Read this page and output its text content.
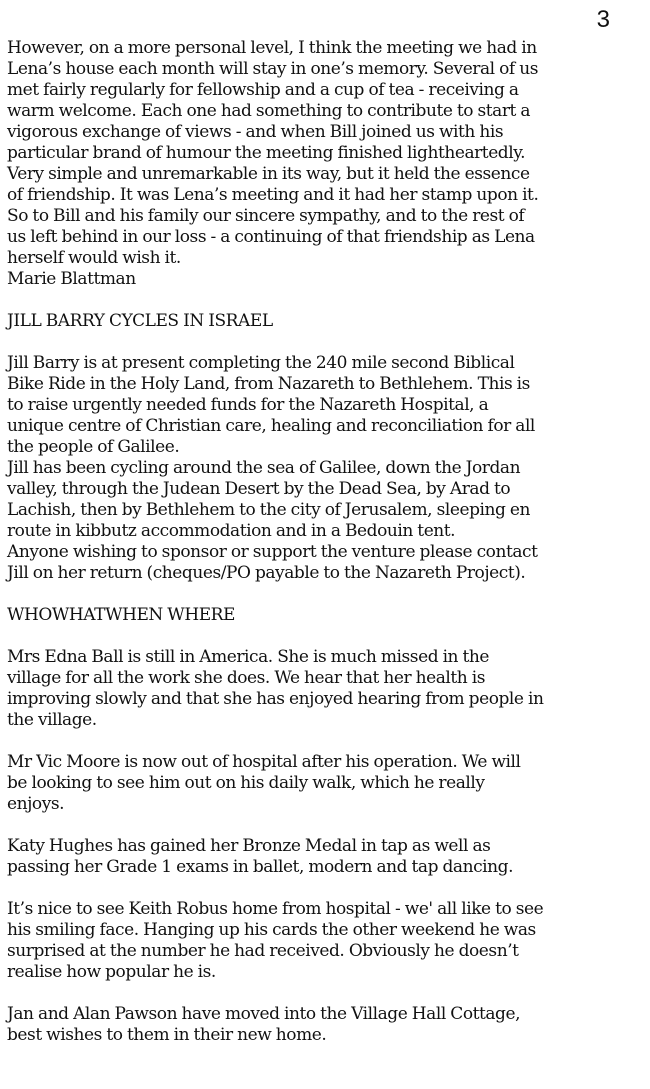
3
However, on a more personal level, I think the meeting we had in
Lena’s house each month will stay in one’s memory. Several of us
met fairly regularly for fellowship and a cup of tea - receiving a
warm welcome. Each one had something to contribute to start a
vigorous exchange of views - and when Bill joined us with his
particular brand of humour the meeting finished lightheartedly.
Very simple and unremarkable in its way, but it held the essence
of friendship. It was Lena’s meeting and it had her stamp upon it.
So to Bill and his family our sincere sympathy, and to the rest of
us left behind in our loss - a continuing of that friendship as Lena
herself would wish it.
Marie Blattman
JILL BARRY CYCLES IN ISRAEL
Jill Barry is at present completing the 240 mile second Biblical
Bike Ride in the Holy Land, from Nazareth to Bethlehem. This is
to raise urgently needed funds for the Nazareth Hospital, a
unique centre of Christian care, healing and reconciliation for all
the people of Galilee.
Jill has been cycling around the sea of Galilee, down the Jordan
valley, through the Judean Desert by the Dead Sea, by Arad to
Lachish, then by Bethlehem to the city of Jerusalem, sleeping en
route in kibbutz accommodation and in a Bedouin tent.
Anyone wishing to sponsor or support the venture please contact
Jill on her return (cheques/PO payable to the Nazareth Project).
WHOWHATWHEN WHERE
Mrs Edna Ball is still in America. She is much missed in the
village for all the work she does. We hear that her health is
improving slowly and that she has enjoyed hearing from people in
the village.
Mr Vic Moore is now out of hospital after his operation. We will
be looking to see him out on his daily walk, which he really
enjoys.
Katy Hughes has gained her Bronze Medal in tap as well as
passing her Grade 1 exams in ballet, modern and tap dancing.
It’s nice to see Keith Robus home from hospital - we' all like to see
his smiling face. Hanging up his cards the other weekend he was
surprised at the number he had received. Obviously he doesn’t
realise how popular he is.
Jan and Alan Pawson have moved into the Village Hall Cottage,
best wishes to them in their new home.
